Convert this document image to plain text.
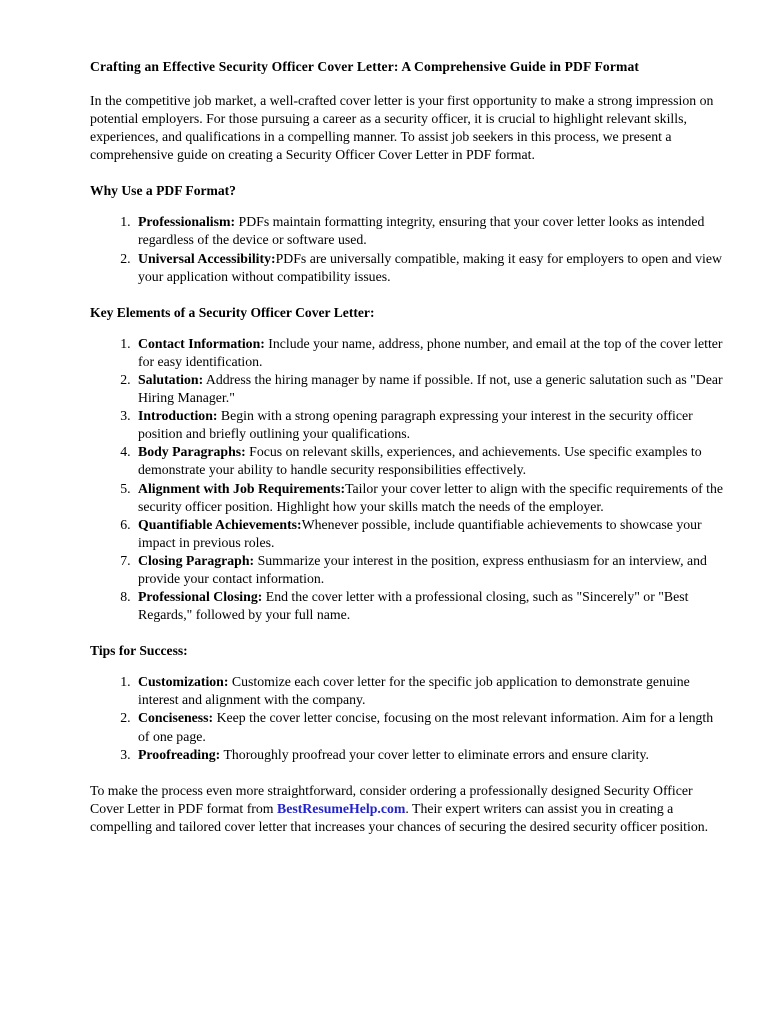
Crafting an Effective Security Officer Cover Letter: A Comprehensive Guide in PDF Format

In the competitive job market, a well-crafted cover letter is your first opportunity to make a strong impression on potential employers. For those pursuing a career as a security officer, it is crucial to highlight relevant skills, experiences, and qualifications in a compelling manner. To assist job seekers in this process, we present a comprehensive guide on creating a Security Officer Cover Letter in PDF format.

Why Use a PDF Format?
1. Professionalism: PDFs maintain formatting integrity, ensuring that your cover letter looks as intended regardless of the device or software used.
2. Universal Accessibility:PDFs are universally compatible, making it easy for employers to open and view your application without compatibility issues.
Key Elements of a Security Officer Cover Letter:
1. Contact Information: Include your name, address, phone number, and email at the top of the cover letter for easy identification.
2. Salutation: Address the hiring manager by name if possible. If not, use a generic salutation such as "Dear Hiring Manager."
3. Introduction: Begin with a strong opening paragraph expressing your interest in the security officer position and briefly outlining your qualifications.
4. Body Paragraphs: Focus on relevant skills, experiences, and achievements. Use specific examples to demonstrate your ability to handle security responsibilities effectively.
5. Alignment with Job Requirements:Tailor your cover letter to align with the specific requirements of the security officer position. Highlight how your skills match the needs of the employer.
6. Quantifiable Achievements:Whenever possible, include quantifiable achievements to showcase your impact in previous roles.
7. Closing Paragraph: Summarize your interest in the position, express enthusiasm for an interview, and provide your contact information.
8. Professional Closing: End the cover letter with a professional closing, such as "Sincerely" or "Best Regards," followed by your full name.
Tips for Success:
1. Customization: Customize each cover letter for the specific job application to demonstrate genuine interest and alignment with the company.
2. Conciseness: Keep the cover letter concise, focusing on the most relevant information. Aim for a length of one page.
3. Proofreading: Thoroughly proofread your cover letter to eliminate errors and ensure clarity.

To make the process even more straightforward, consider ordering a professionally designed Security Officer Cover Letter in PDF format from BestResumeHelp.com. Their expert writers can assist you in creating a compelling and tailored cover letter that increases your chances of securing the desired security officer position.
